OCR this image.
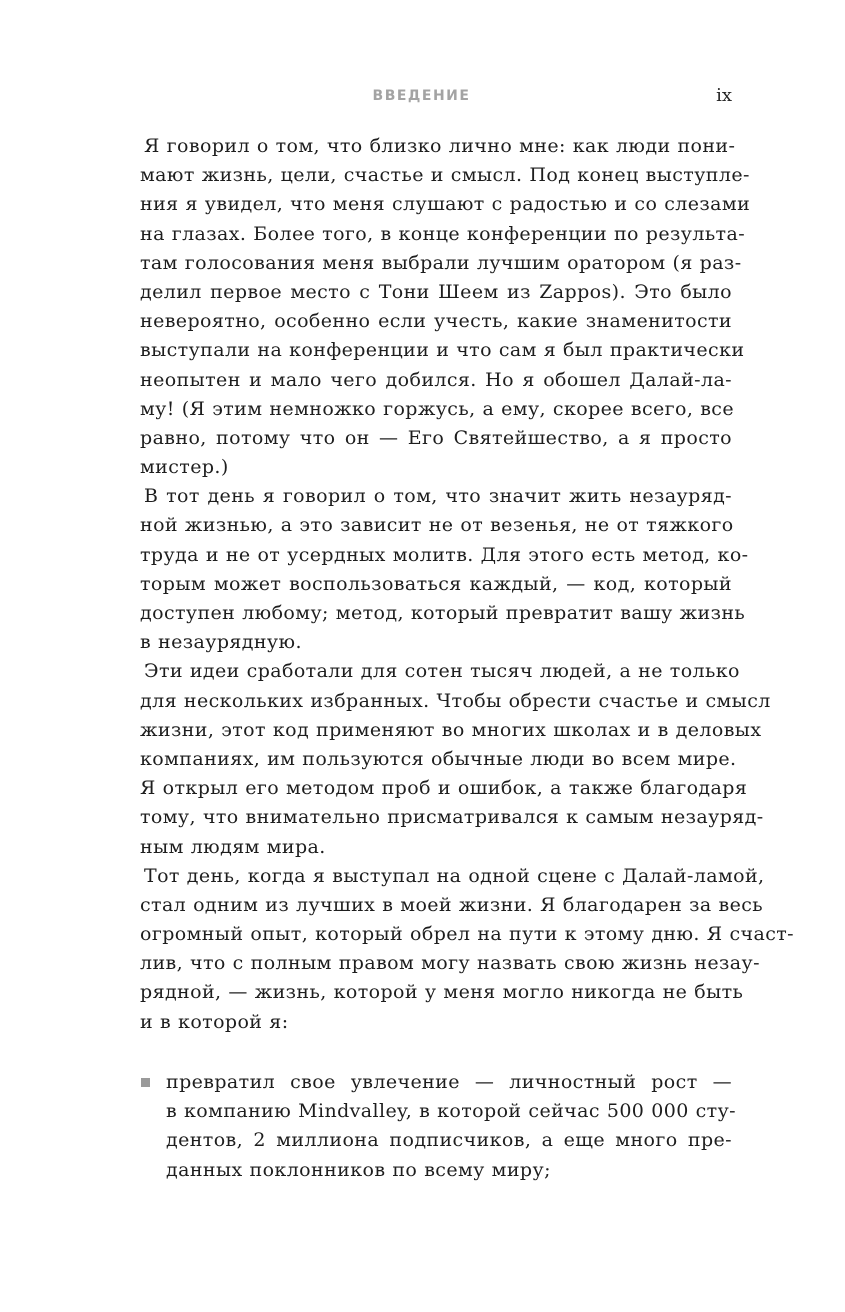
ВВЕДЕНИЕ	ix
Я говорил о том, что близко лично мне: как люди пони-
мают жизнь, цели, счастье и смысл. Под конец выступле-
ния я увидел, что меня слушают с радостью и со слезами
на глазах. Более того, в конце конференции по результа-
там голосования меня выбрали лучшим оратором (я раз-
делил первое место с Тони Шеем из Zappos). Это было
невероятно, особенно если учесть, какие знаменитости
выступали на конференции и что сам я был практически
неопытен и мало чего добился. Но я обошел Далай-ла-
му! (Я этим немножко горжусь, а ему, скорее всего, все
равно, потому что он — Его Святейшество, а я просто
мистер.)
В тот день я говорил о том, что значит жить незауряд-
ной жизнью, а это зависит не от везенья, не от тяжкого
труда и не от усердных молитв. Для этого есть метод, ко-
торым может воспользоваться каждый, — код, который
доступен любому; метод, который превратит вашу жизнь
в незаурядную.
Эти идеи сработали для сотен тысяч людей, а не только
для нескольких избранных. Чтобы обрести счастье и смысл
жизни, этот код применяют во многих школах и в деловых
компаниях, им пользуются обычные люди во всем мире.
Я открыл его методом проб и ошибок, а также благодаря
тому, что внимательно присматривался к самым незауряд-
ным людям мира.
Тот день, когда я выступал на одной сцене с Далай-ламой,
стал одним из лучших в моей жизни. Я благодарен за весь
огромный опыт, который обрел на пути к этому дню. Я счаст-
лив, что с полным правом могу назвать свою жизнь незау-
рядной, — жизнь, которой у меня могло никогда не быть
и в которой я:
превратил свое увлечение — личностный рост —
в компанию Mindvalley, в которой сейчас 500 000 сту-
дентов, 2 миллиона подписчиков, а еще много пре-
данных поклонников по всему миру;
